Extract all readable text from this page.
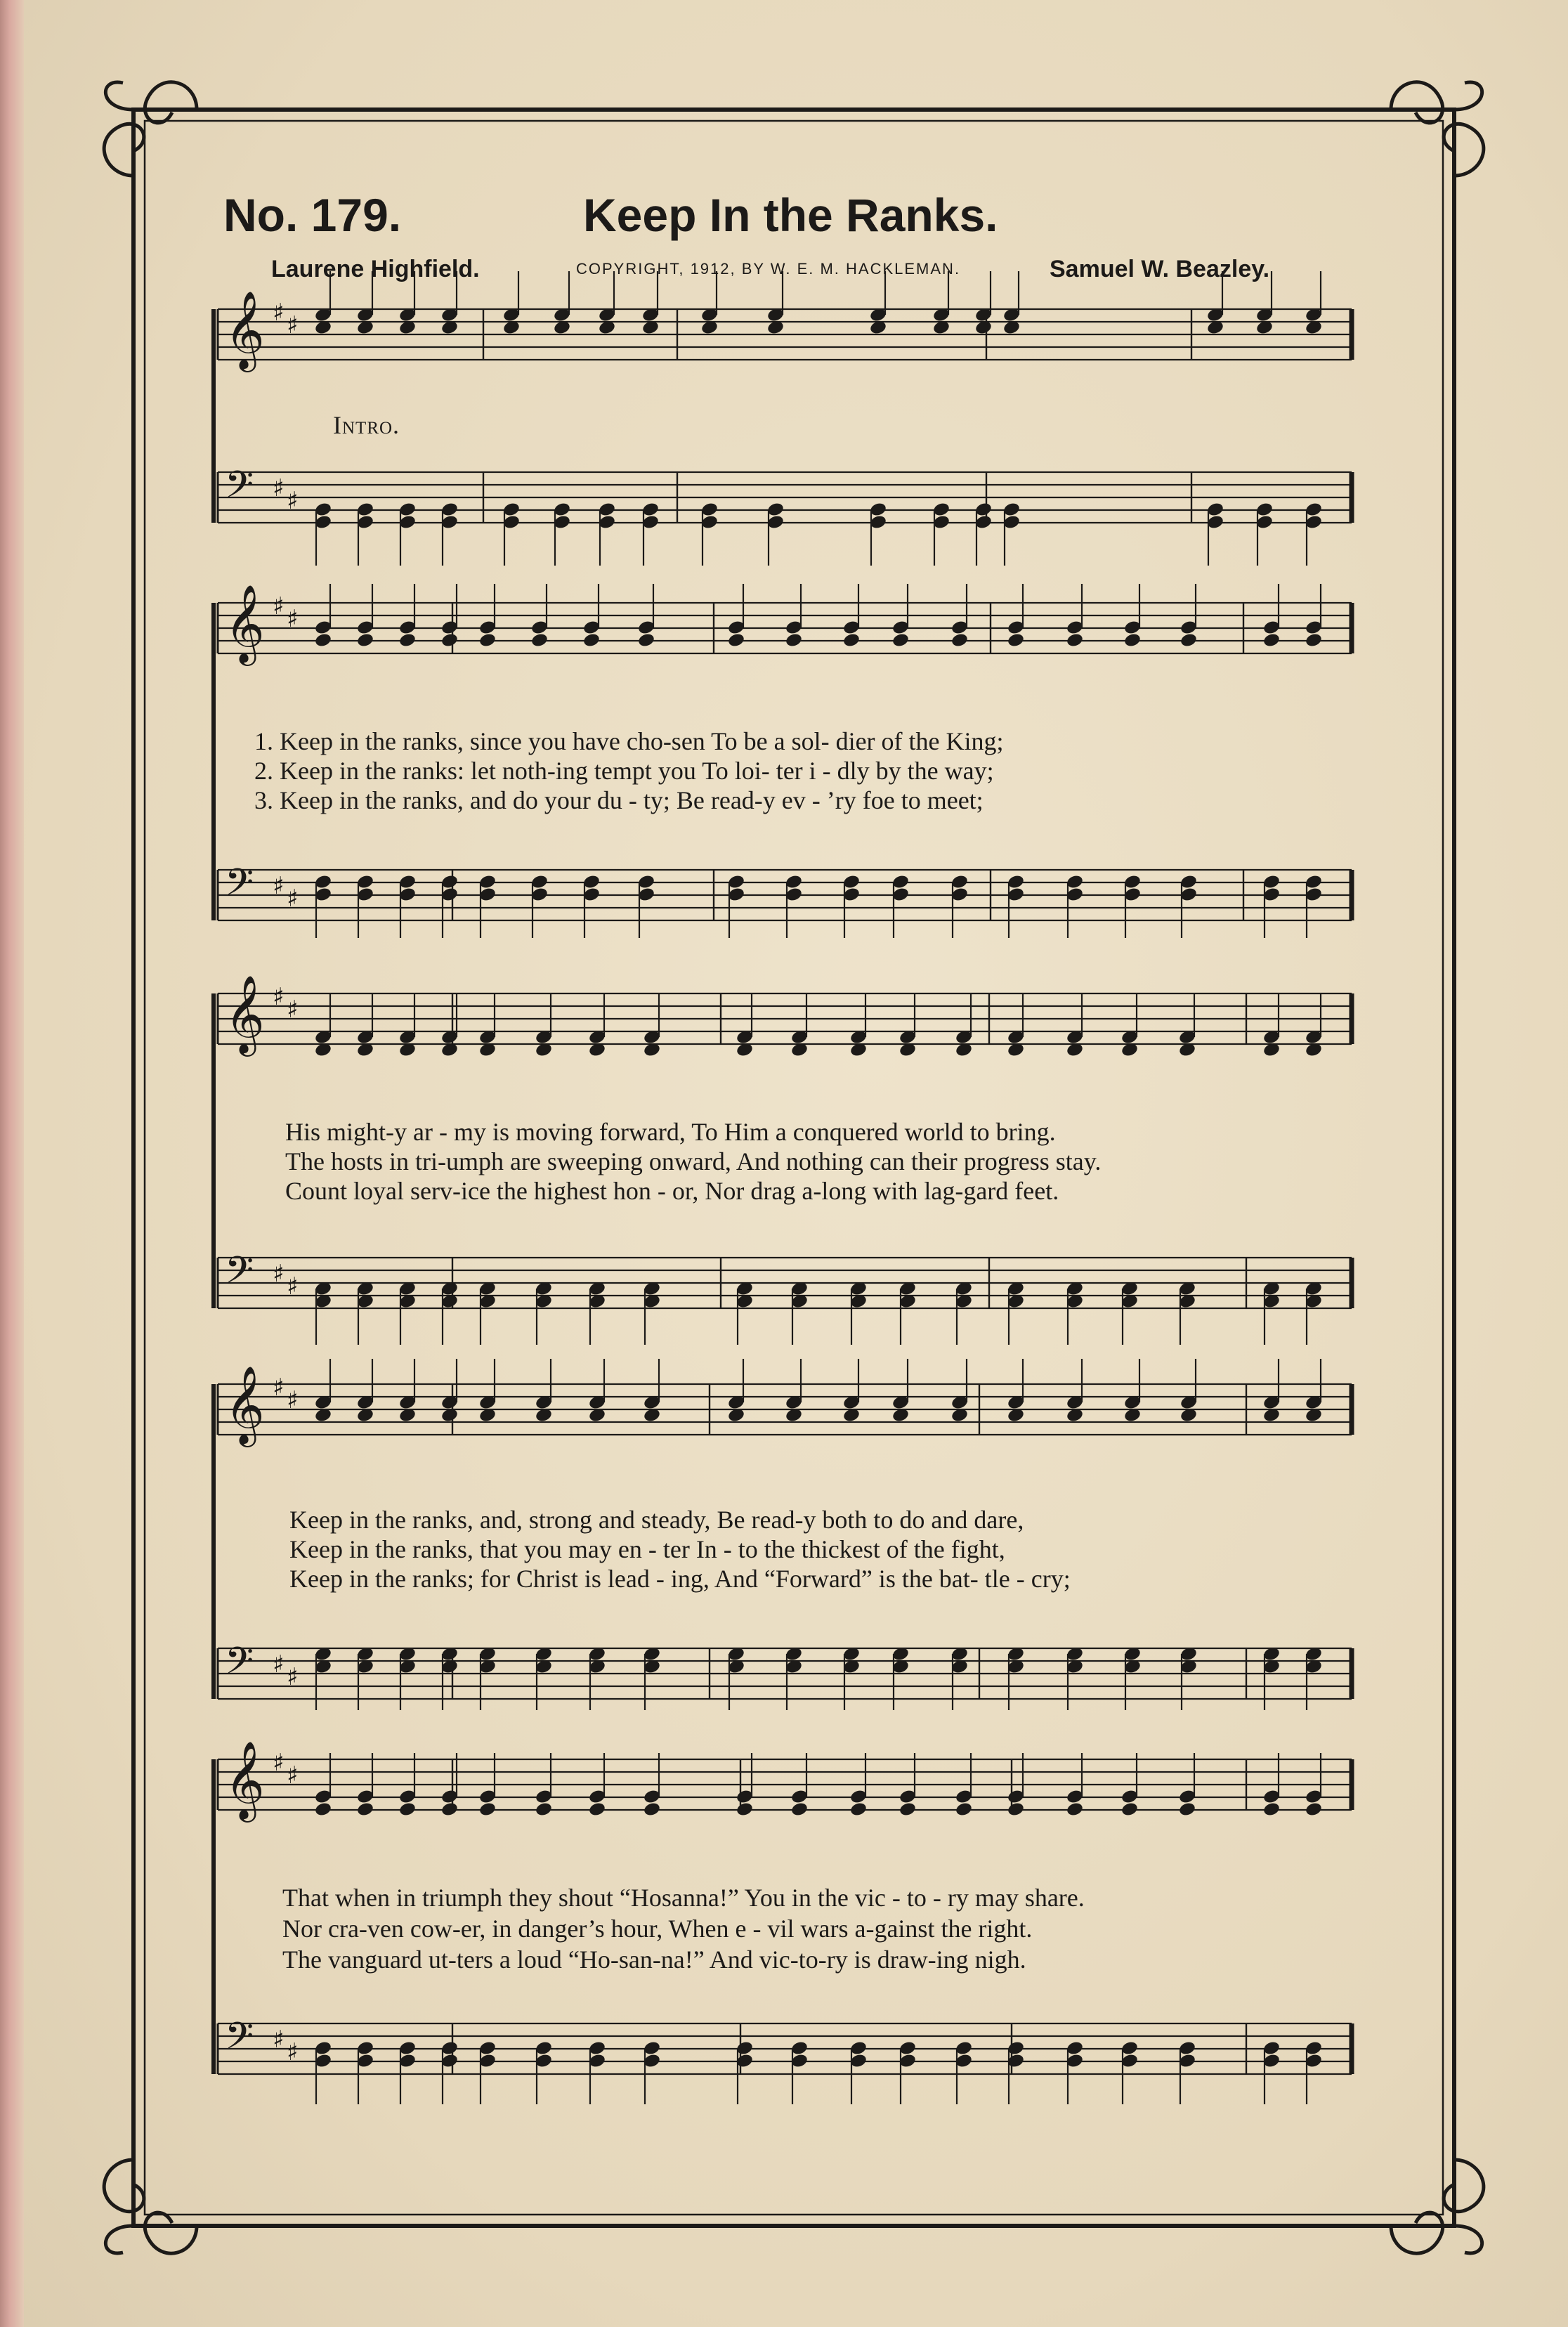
𝄞 ♯ ♯
𝄢 ♯ ♯
𝄞 ♯ ♯
𝄢 ♯ ♯
𝄞 ♯ ♯
𝄢 ♯ ♯
𝄞 ♯ ♯
𝄢 ♯ ♯
𝄞 ♯ ♯
𝄢 ♯ ♯
No. 179.	Keep In the Ranks.
Laurene Highfield.	COPYRIGHT, 1912, BY W. E. M. HACKLEMAN.	Samuel W. Beazley.
Intro.
1. Keep in the ranks, since you have cho-sen To be a sol- dier of the King;
2. Keep in the ranks: let noth-ing tempt you To loi- ter i - dly by the way;
3. Keep in the ranks, and do your du - ty; Be read-y ev - ’ry foe to meet;
His might-y ar - my is moving forward, To Him a conquered world to bring.
The hosts in tri-umph are sweeping onward, And nothing can their progress stay.
Count loyal serv-ice the highest hon - or, Nor drag a-long with lag-gard feet.
Keep in the ranks, and, strong and steady, Be read-y both to do and dare,
Keep in the ranks, that you may en - ter In - to the thickest of the fight,
Keep in the ranks; for Christ is lead - ing, And “Forward” is the bat- tle - cry;
That when in triumph they shout “Hosanna!” You in the vic - to - ry may share.
Nor cra-ven cow-er, in danger’s hour, When e - vil wars a-gainst the right.
The vanguard ut-ters a loud “Ho-san-na!” And vic-to-ry is draw-ing nigh.
